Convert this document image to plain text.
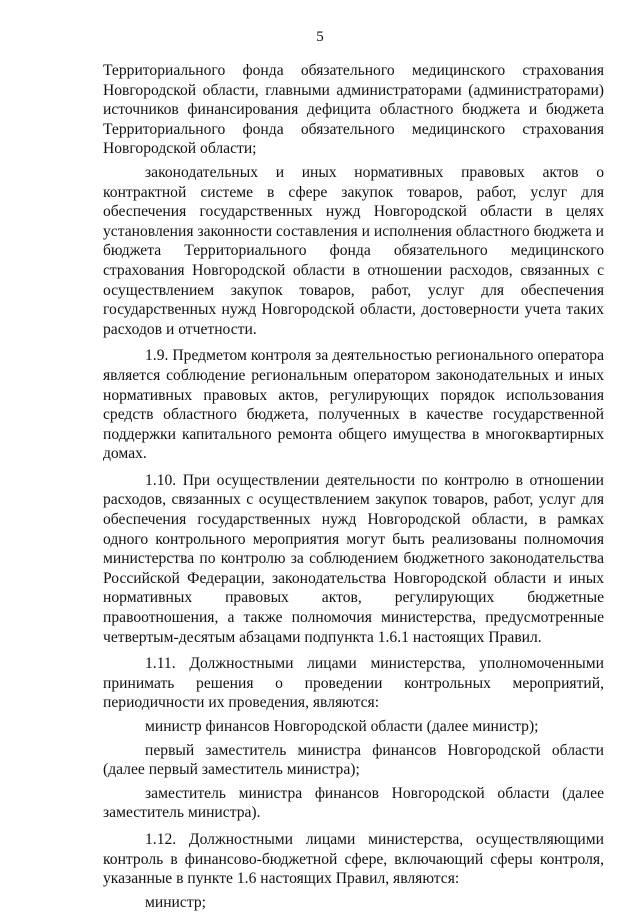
5

Территориального фонда обязательного медицинского страхования Новгородской области, главными администраторами (администраторами) источников финансирования дефицита областного бюджета и бюджета Территориального фонда обязательного медицинского страхования Новгородской области;

законодательных и иных нормативных правовых актов о контрактной системе в сфере закупок товаров, работ, услуг для обеспечения государственных нужд Новгородской области в целях установления законности составления и исполнения областного бюджета и бюджета Территориального фонда обязательного медицинского страхования Новгородской области в отношении расходов, связанных с осуществлением закупок товаров, работ, услуг для обеспечения государственных нужд Новгородской области, достоверности учета таких расходов и отчетности.

1.9. Предметом контроля за деятельностью регионального оператора является соблюдение региональным оператором законодательных и иных нормативных правовых актов, регулирующих порядок использования средств областного бюджета, полученных в качестве государственной поддержки капитального ремонта общего имущества в многоквартирных домах.

1.10. При осуществлении деятельности по контролю в отношении расходов, связанных с осуществлением закупок товаров, работ, услуг для обеспечения государственных нужд Новгородской области, в рамках одного контрольного мероприятия могут быть реализованы полномочия министерства по контролю за соблюдением бюджетного законодательства Российской Федерации, законодательства Новгородской области и иных нормативных правовых актов, регулирующих бюджетные правоотношения, а также полномочия министерства, предусмотренные четвертым-десятым абзацами подпункта 1.6.1 настоящих Правил.

1.11. Должностными лицами министерства, уполномоченными принимать решения о проведении контрольных мероприятий, периодичности их проведения, являются:

министр финансов Новгородской области (далее министр);

первый заместитель министра финансов Новгородской области (далее первый заместитель министра);

заместитель министра финансов Новгородской области (далее заместитель министра).

1.12. Должностными лицами министерства, осуществляющими контроль в финансово-бюджетной сфере, включающий сферы контроля, указанные в пункте 1.6 настоящих Правил, являются:

министр;
